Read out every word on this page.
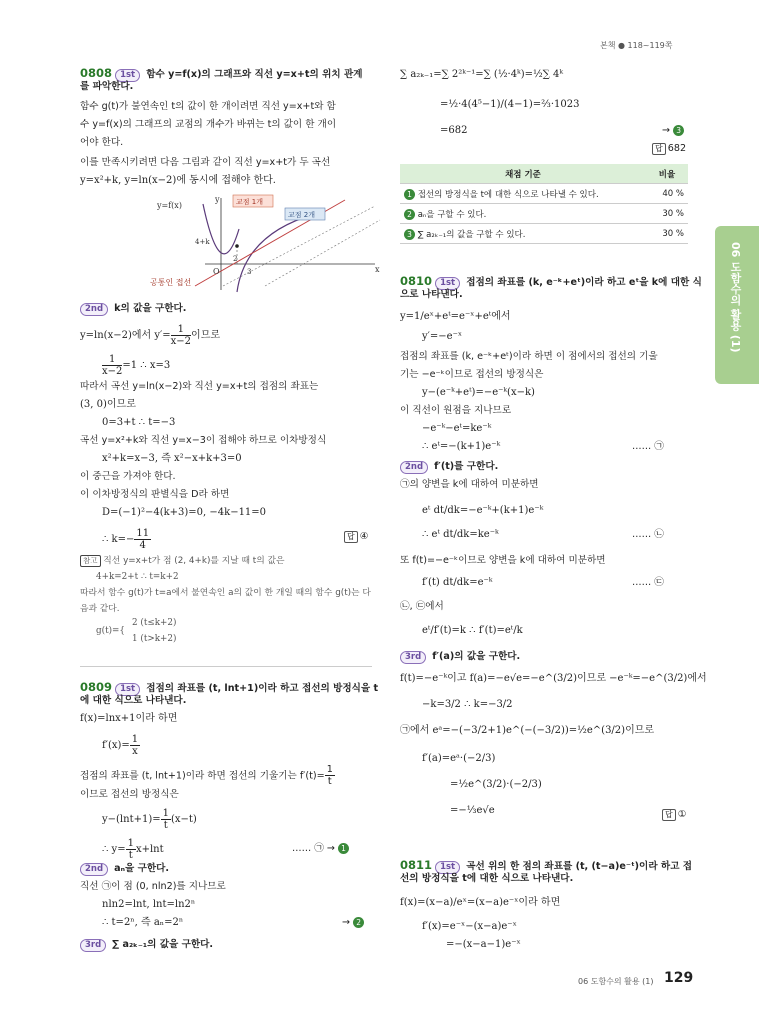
본책 ● 118~119쪽
06 도함수의 활용 (1)
0808 1st 함수 y=f(x)의 그래프와 직선 y=x+t의 위치 관계
를 파악한다.
함수 g(t)가 불연속인 t의 값이 한 개이려면 직선 y=x+t와 함
수 y=f(x)의 그래프의 교점의 개수가 바뀌는 t의 값이 한 개이
어야 한다.
이를 만족시키려면 다음 그림과 같이 직선 y=x+t가 두 곡선
y=x²+k, y=ln(x−2)에 동시에 접해야 한다.
y=f(x)
y
x
O
2
3
4+k
교점 1개
교점 2개
공통인 접선
2nd k의 값을 구한다.
y=ln(x−2)에서 $y'= \frac{1}{x-2}$ 이므로
$\frac{1}{x-2} =1$ ∴ x=3
따라서 곡선 y=ln(x−2)와 직선 y=x+t의 접점의 좌표는
(3, 0)이므로
0=3+t ∴ t=−3
곡선 y=x²+k와 직선 y=x−3이 접해야 하므로 이차방정식
x²+k=x−3, 즉 x²−x+k+3=0
이 중근을 가져야 한다.
이 이차방정식의 판별식을 D라 하면
D=(−1)²−4(k+3)=0, −4k−11=0
∴ $k=- \frac{11}{4}$	답 ④
참고 직선 y=x+t가 점 (2, 4+k)를 지날 때 t의 값은
4+k=2+t ∴ t=k+2
따라서 함수 g(t)가 t=a에서 불연속인 a의 값이 한 개일 때의 함수 g(t)는 다
음과 같다.
g(t)={
2 (t≤k+2)
1 (t>k+2)
0809 1st 접점의 좌표를 (t, lnt+1)이라 하고 접선의 방정식을 t
에 대한 식으로 나타낸다.
f(x)=lnx+1이라 하면
$f'(x)= \frac{1}{x}$
접점의 좌표를 (t, lnt+1)이라 하면 접선의 기울기는 $f'(t)= \frac{1}{t}$
이므로 접선의 방정식은
$y-(\ln t+1)= \frac{1}{t} (x-t)$
∴ $y= \frac{1}{t} x+\ln t$	…… ㉠ → 1
2nd aₙ을 구한다.
직선 ㉠이 점 (0, nln2)를 지나므로
nln2=lnt, lnt=ln2ⁿ
∴ t=2ⁿ, 즉 aₙ=2ⁿ	→ 2
3rd ∑ a₂ₖ₋₁의 값을 구한다.
∑ a₂ₖ₋₁=∑ 2²ᵏ⁻¹=∑ (½·4ᵏ)=½∑ 4ᵏ
=½·4(4⁵−1)/(4−1)=⅔·1023
=682	→ 3
답 682
채점 기준	비율
1 접선의 방정식을 t에 대한 식으로 나타낼 수 있다.	40 %
2 aₙ을 구할 수 있다.	30 %
3 ∑ a₂ₖ₋₁의 값을 구할 수 있다.	30 %
0810 1st 접점의 좌표를 (k, e⁻ᵏ+eᵗ)이라 하고 eᵗ을 k에 대한 식
으로 나타낸다.
y=1/eˣ+eᵗ=e⁻ˣ+eᵗ에서
y′=−e⁻ˣ
접점의 좌표를 (k, e⁻ᵏ+eᵗ)이라 하면 이 점에서의 접선의 기울
기는 −e⁻ᵏ이므로 접선의 방정식은
y−(e⁻ᵏ+eᵗ)=−e⁻ᵏ(x−k)
이 직선이 원점을 지나므로
−e⁻ᵏ−eᵗ=ke⁻ᵏ
∴ eᵗ=−(k+1)e⁻ᵏ	…… ㉠
2nd f′(t)를 구한다.
㉠의 양변을 k에 대하여 미분하면
eᵗ dt/dk=−e⁻ᵏ+(k+1)e⁻ᵏ
…… ㉡
∴ eᵗ dt/dk=ke⁻ᵏ
또 f(t)=−e⁻ᵏ이므로 양변을 k에 대하여 미분하면
f′(t) dt/dk=e⁻ᵏ	…… ㉢
㉡, ㉢에서
eᵗ/f′(t)=k ∴ f′(t)=eᵗ/k
3rd f′(a)의 값을 구한다.
f(t)=−e⁻ᵏ이고 f(a)=−e√e=−e^(3/2)이므로 −e⁻ᵏ=−e^(3/2)에서
−k=3/2 ∴ k=−3/2
㉠에서 eᵃ=−(−3/2+1)e^(−(−3/2))=½e^(3/2)이므로
f′(a)=eᵃ·(−2/3)
=½e^(3/2)·(−2/3)
=−⅓e√e	답 ①
0811 1st 곡선 위의 한 점의 좌표를 (t, (t−a)e⁻ᵗ)이라 하고 접
선의 방정식을 t에 대한 식으로 나타낸다.
f(x)=(x−a)/eˣ=(x−a)e⁻ˣ이라 하면
f′(x)=e⁻ˣ−(x−a)e⁻ˣ
=−(x−a−1)e⁻ˣ
06 도함수의 활용 (1) 129
